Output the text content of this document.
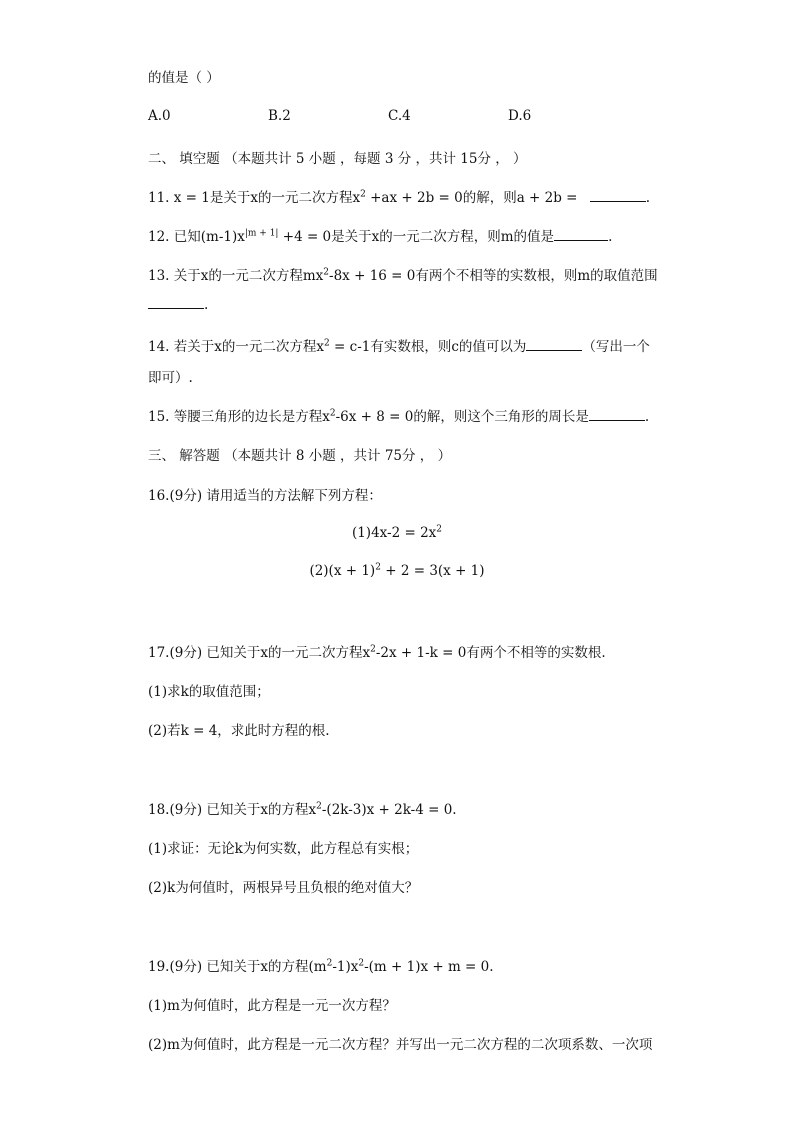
的值是（ ）
A.0	B.2	C.4	D.6
二、 填空题 （本题共计 5 小题 ，每题 3 分 ，共计 15分 ， ）
11. x = 1是关于x的一元二次方程$x^2 +ax + 2b = 0$的解，则a + 2b =	.
12. 已知$(m-1)x^{|m + 1|} +4 = 0$是关于x的一元二次方程，则m的值是	.
13. 关于x的一元二次方程$mx^2-8x + 16 = 0$有两个不相等的实数根，则m的取值范围
.
14. 若关于x的一元二次方程$x^2 = c-1$有实数根，则c的值可以为	（写出一个
即可）.
15. 等腰三角形的边长是方程$x^2-6x + 8 = 0$的解，则这个三角形的周长是	.
三、 解答题 （本题共计 8 小题 ，共计 75分 ， ）
16.(9分) 请用适当的方法解下列方程：
$(1)4x-2 = 2x^2$
$(2)(x + 1)^2 + 2 = 3(x + 1)$
17.(9分) 已知关于x的一元二次方程$x^2-2x + 1-k = 0$有两个不相等的实数根.
(1)求k的取值范围；
(2)若k = 4，求此时方程的根.
18.(9分) 已知关于x的方程$x^2-(2k-3)x + 2k-4 = 0$.
(1)求证：无论k为何实数，此方程总有实根；
(2)k为何值时，两根异号且负根的绝对值大？
19.(9分) 已知关于x的方程$(m^2-1)x^2-(m + 1)x + m = 0$.
(1)m为何值时，此方程是一元一次方程？
(2)m为何值时，此方程是一元二次方程？并写出一元二次方程的二次项系数、一次项
